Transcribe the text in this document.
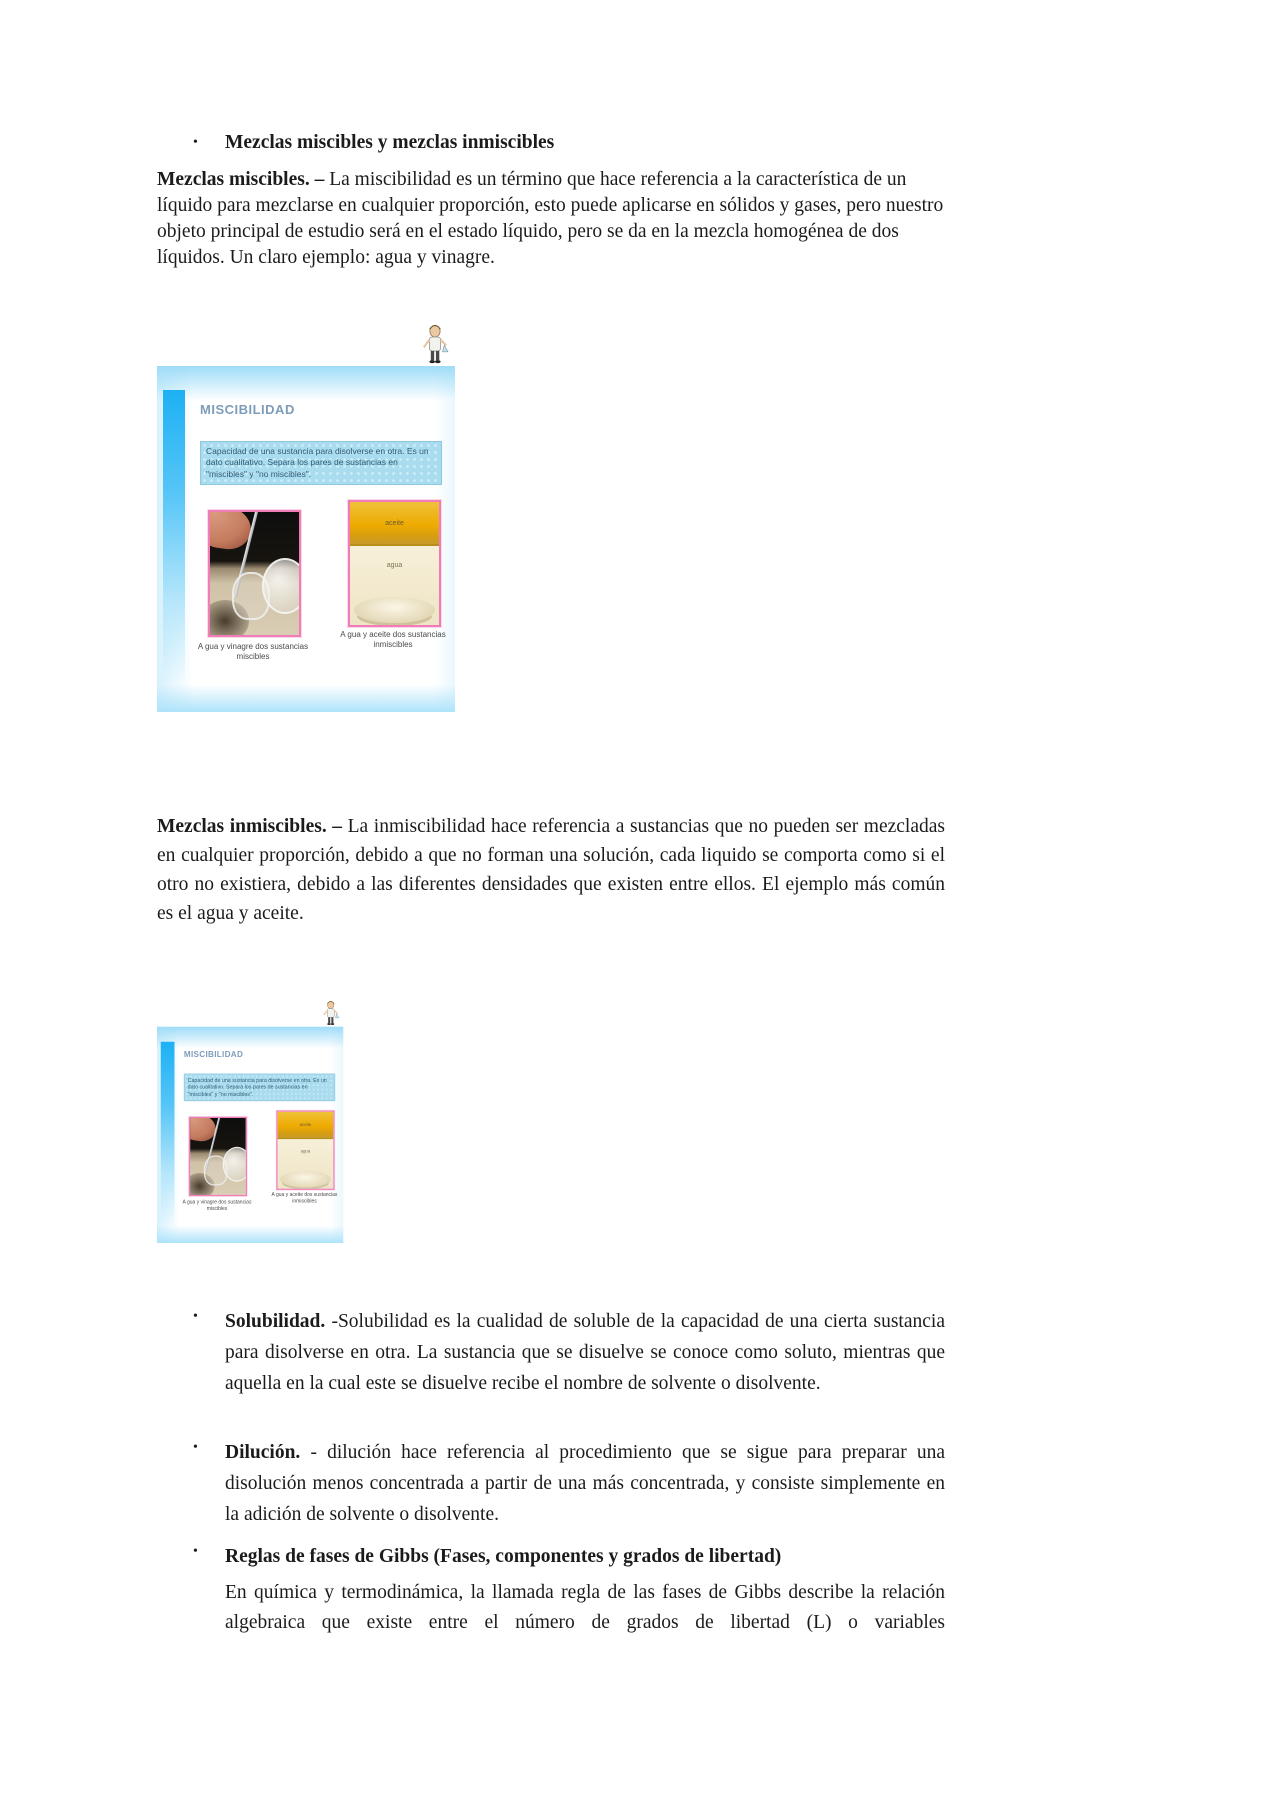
• Mezclas miscibles y mezclas inmiscibles

Mezclas miscibles. – La miscibilidad es un término que hace referencia a la característica de un líquido para mezclarse en cualquier proporción, esto puede aplicarse en sólidos y gases, pero nuestro objeto principal de estudio será en el estado líquido, pero se da en la mezcla homogénea de dos líquidos. Un claro ejemplo: agua y vinagre.

MISCIBILIDAD
Capacidad de una sustancia para disolverse en otra. Es un dato cualitativo. Separa los pares de sustancias en "miscibles" y "no miscibles".
aceite
agua
A gua y vinagre dos sustancias miscibles
A gua y aceite dos sustancias inmiscibles

Mezclas inmiscibles. – La inmiscibilidad hace referencia a sustancias que no pueden ser mezcladas en cualquier proporción, debido a que no forman una solución, cada liquido se comporta como si el otro no existiera, debido a las diferentes densidades que existen entre ellos. El ejemplo más común es el agua y aceite.

MISCIBILIDAD
Capacidad de una sustancia para disolverse en otra. Es un dato cualitativo. Separa los pares de sustancias en "miscibles" y "no miscibles".
aceite
agua
A gua y vinagre dos sustancias miscibles
A gua y aceite dos sustancias inmiscibles
• Solubilidad. -Solubilidad es la cualidad de soluble de la capacidad de una cierta sustancia para disolverse en otra. La sustancia que se disuelve se conoce como soluto, mientras que aquella en la cual este se disuelve recibe el nombre de solvente o disolvente.

• Dilución. - dilución hace referencia al procedimiento que se sigue para preparar una disolución menos concentrada a partir de una más concentrada, y consiste simplemente en la adición de solvente o disolvente.

• Reglas de fases de Gibbs (Fases, componentes y grados de libertad)

En química y termodinámica, la llamada regla de las fases de Gibbs describe la relación algebraica que existe entre el número de grados de libertad (L) o variables
